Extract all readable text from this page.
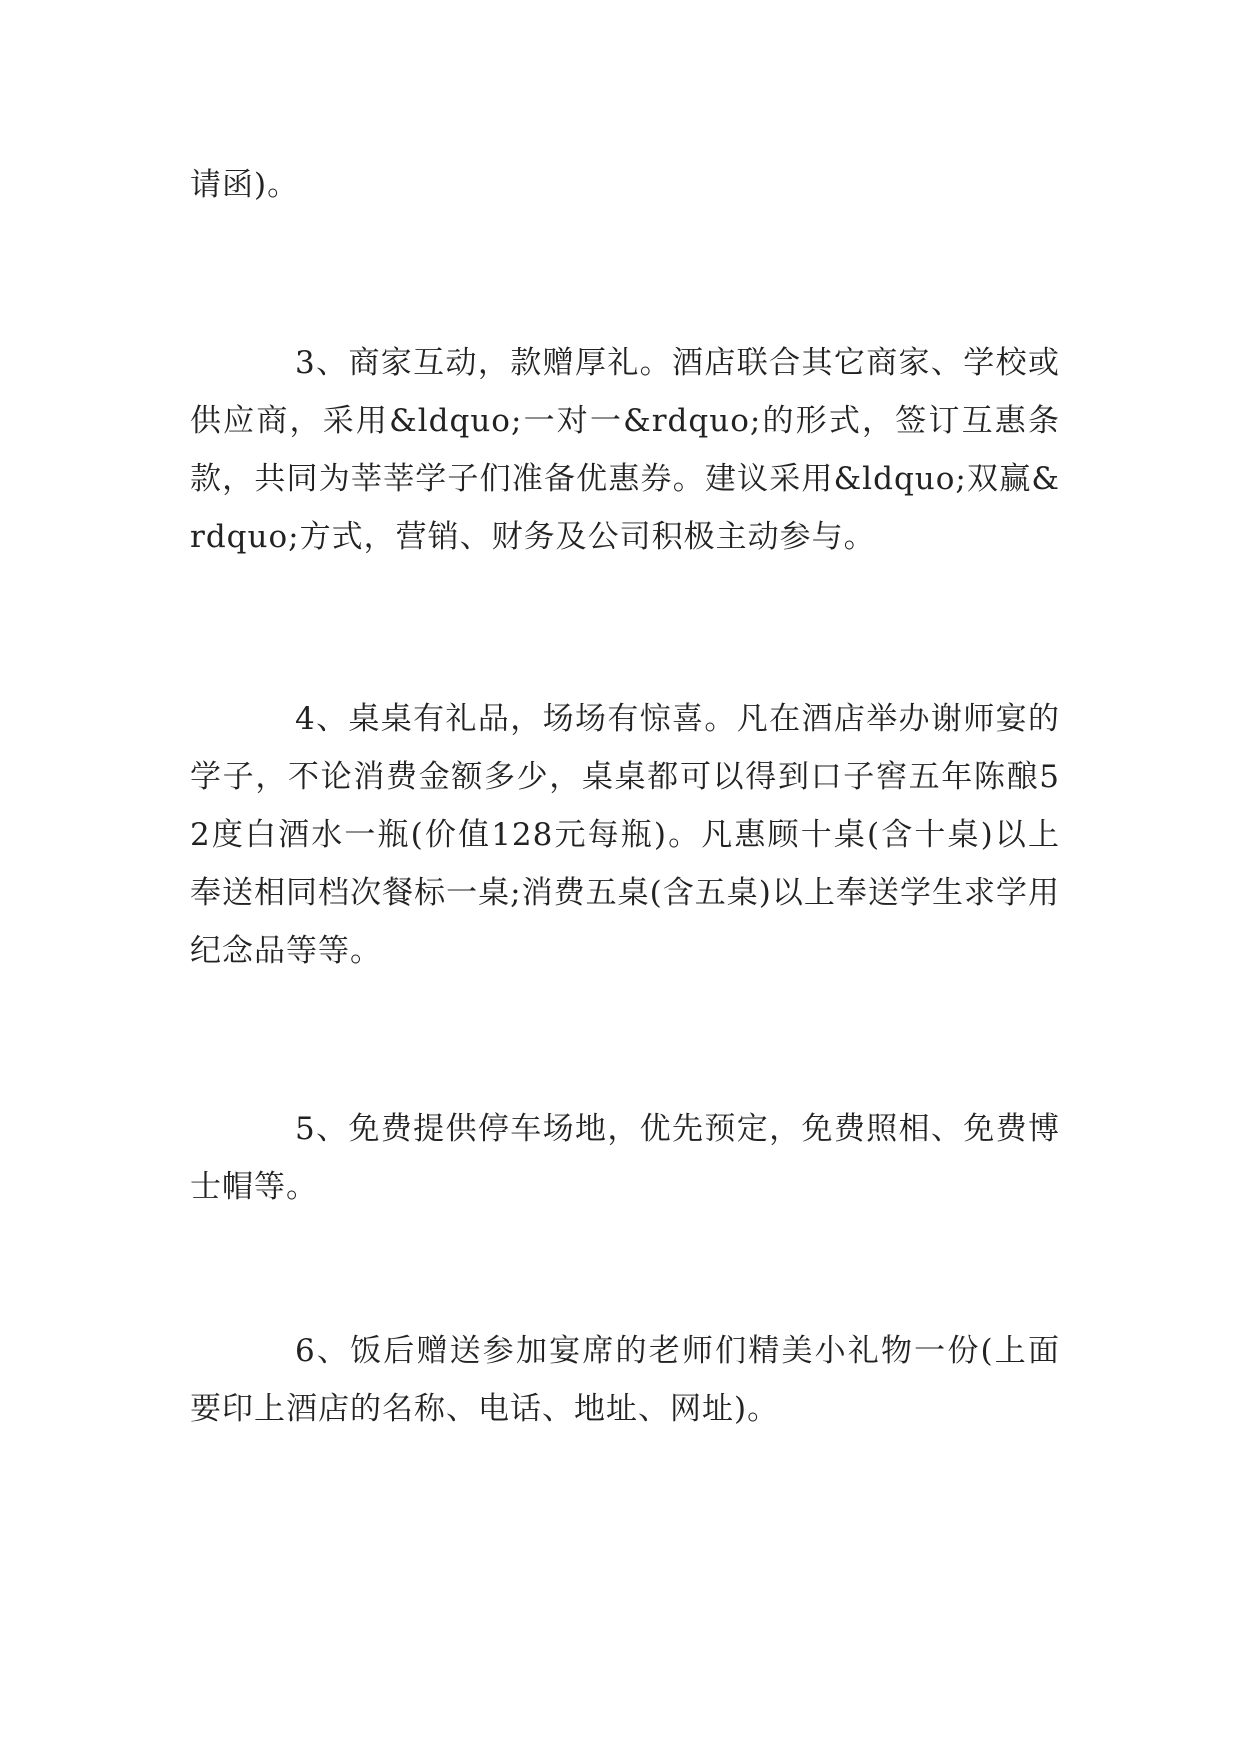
请函)。

3、商家互动，款赠厚礼。酒店联合其它商家、学校或供应商，采用&ldquo;一对一&rdquo;的形式，签订互惠条款，共同为莘莘学子们准备优惠券。建议采用&ldquo;双赢&rdquo;方式，营销、财务及公司积极主动参与。

4、桌桌有礼品，场场有惊喜。凡在酒店举办谢师宴的学子，不论消费金额多少，桌桌都可以得到口子窖五年陈酿52度白酒水一瓶(价值128元每瓶)。凡惠顾十桌(含十桌)以上奉送相同档次餐标一桌;消费五桌(含五桌)以上奉送学生求学用纪念品等等。

5、免费提供停车场地，优先预定，免费照相、免费博士帽等。

6、饭后赠送参加宴席的老师们精美小礼物一份(上面要印上酒店的名称、电话、地址、网址)。
